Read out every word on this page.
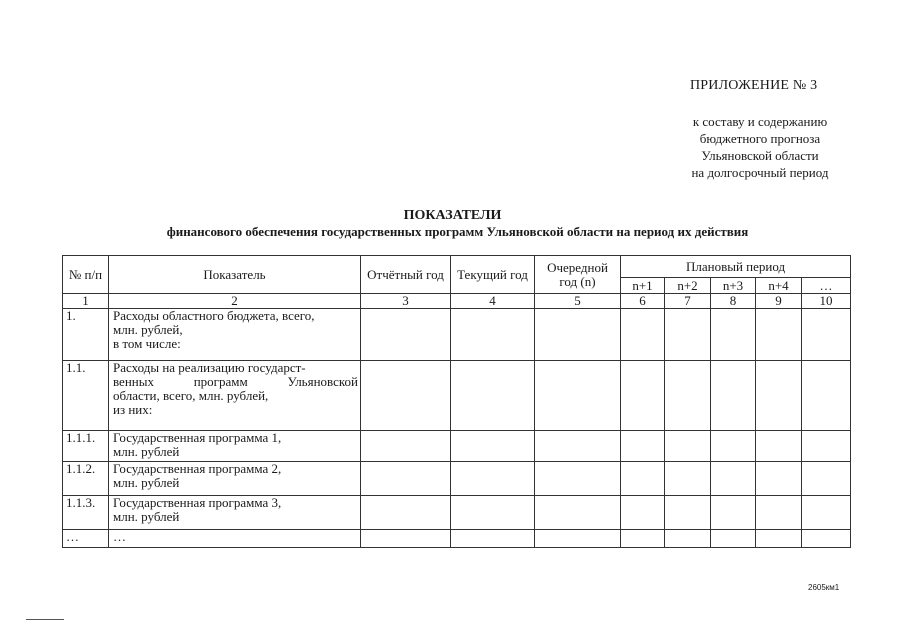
ПРИЛОЖЕНИЕ № 3
к составу и содержанию
бюджетного прогноза
Ульяновской области
на долгосрочный период
ПОКАЗАТЕЛИ
финансового обеспечения государственных программ Ульяновской области на период их действия
№ п/п	Показатель	Отчётный год	Текущий год	Очередной год (n)	Плановый период				
					n+1	n+2	n+3	n+4	…
1	2	3	4	5	6	7	8	9	10
1.	Расходы областного бюджета, всего,
млн. рублей,
в том числе:								

1.1.	Расходы на реализацию государст-
венных программ Ульяновской
области, всего, млн. рублей,
из них:								

1.1.1.	Государственная программа 1,
млн. рублей								

1.1.2.	Государственная программа 2,
млн. рублей								

1.1.3.	Государственная программа 3,
млн. рублей								

…	…								

2605км1
